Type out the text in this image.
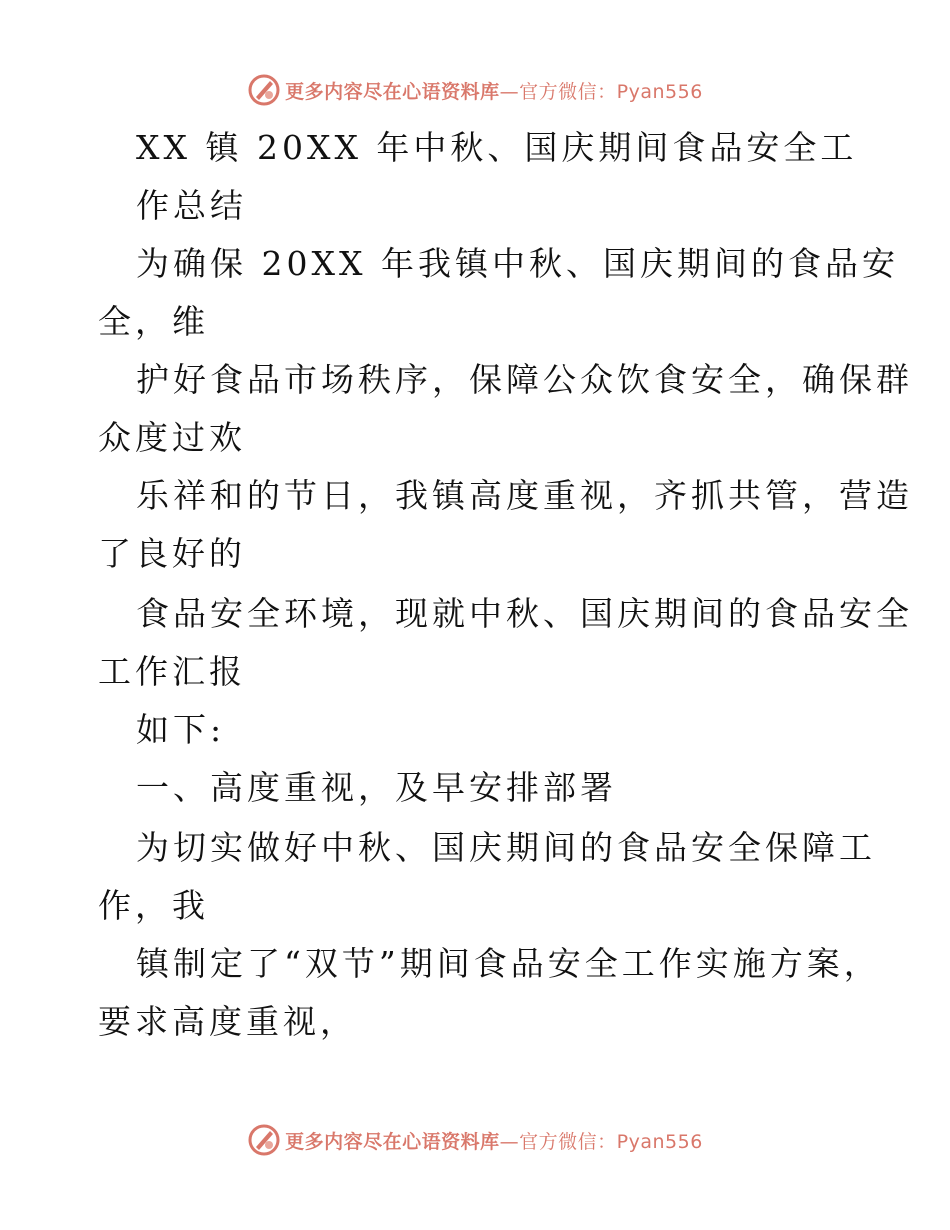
更多内容尽在心语资料库—官方微信：Pyan556
XX 镇 20XX 年中秋、国庆期间食品安全工
作总结
为确保 20XX 年我镇中秋、国庆期间的食品安
全，维
护好食品市场秩序，保障公众饮食安全，确保群
众度过欢
乐祥和的节日，我镇高度重视，齐抓共管，营造
了良好的
食品安全环境，现就中秋、国庆期间的食品安全
工作汇报
如下:
一、高度重视，及早安排部署
为切实做好中秋、国庆期间的食品安全保障工
作，我
镇制定了“双节”期间食品安全工作实施方案，
要求高度重视，
更多内容尽在心语资料库—官方微信：Pyan556
